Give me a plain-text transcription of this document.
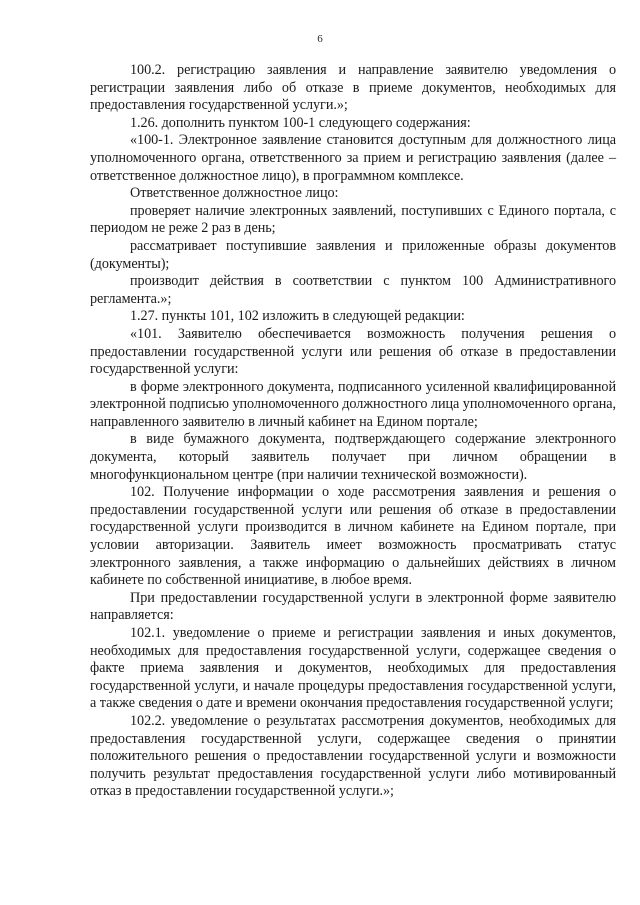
6

100.2. регистрацию заявления и направление заявителю уведомления о регистрации заявления либо об отказе в приеме документов, необходимых для предоставления государственной услуги.»;

1.26. дополнить пунктом 100-1 следующего содержания:

«100-1. Электронное заявление становится доступным для должностного лица уполномоченного органа, ответственного за прием и регистрацию заявления (далее – ответственное должностное лицо), в программном комплексе.

Ответственное должностное лицо:

проверяет наличие электронных заявлений, поступивших с Единого портала, с периодом не реже 2 раз в день;

рассматривает поступившие заявления и приложенные образы документов (документы);

производит действия в соответствии с пунктом 100 Административного регламента.»;

1.27. пункты 101, 102 изложить в следующей редакции:

«101. Заявителю обеспечивается возможность получения решения о предоставлении государственной услуги или решения об отказе в предоставлении государственной услуги:

в форме электронного документа, подписанного усиленной квалифицированной электронной подписью уполномоченного должностного лица уполномоченного органа, направленного заявителю в личный кабинет на Едином портале;

в виде бумажного документа, подтверждающего содержание электронного документа, который заявитель получает при личном обращении в многофункциональном центре (при наличии технической возможности).

102. Получение информации о ходе рассмотрения заявления и решения о предоставлении государственной услуги или решения об отказе в предоставлении государственной услуги производится в личном кабинете на Едином портале, при условии авторизации. Заявитель имеет возможность просматривать статус электронного заявления, а также информацию о дальнейших действиях в личном кабинете по собственной инициативе, в любое время.

При предоставлении государственной услуги в электронной форме заявителю направляется:

102.1. уведомление о приеме и регистрации заявления и иных документов, необходимых для предоставления государственной услуги, содержащее сведения о факте приема заявления и документов, необходимых для предоставления государственной услуги, и начале процедуры предоставления государственной услуги, а также сведения о дате и времени окончания предоставления государственной услуги;

102.2. уведомление о результатах рассмотрения документов, необходимых для предоставления государственной услуги, содержащее сведения о принятии положительного решения о предоставлении государственной услуги и возможности получить результат предоставления государственной услуги либо мотивированный отказ в предоставлении государственной услуги.»;
